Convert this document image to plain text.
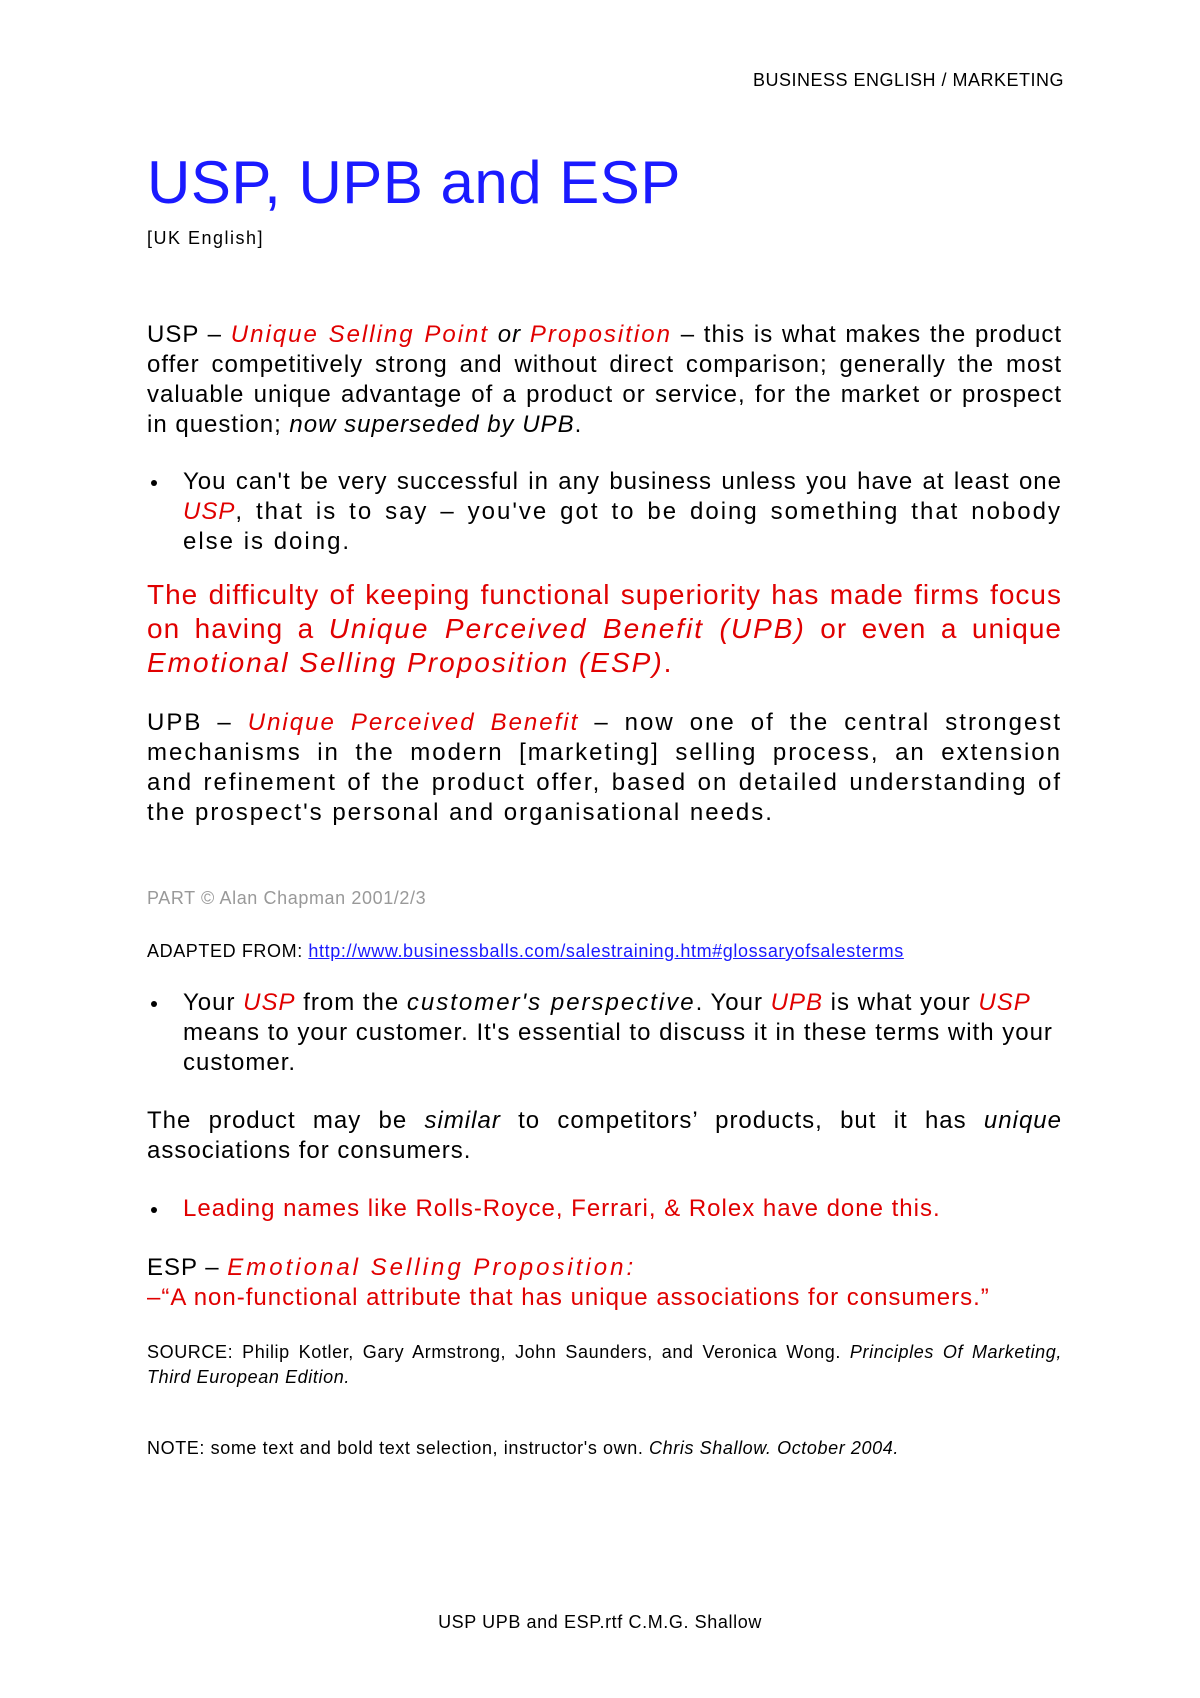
BUSINESS ENGLISH / MARKETING
USP, UPB and ESP
[UK English]
USP – Unique Selling Point or Proposition – this is what makes the product offer competitively strong and without direct comparison; generally the most valuable unique advantage of a product or service, for the market or prospect in question; now superseded by UPB.
You can't be very successful in any business unless you have at least one USP, that is to say – you've got to be doing something that nobody else is doing.
The difficulty of keeping functional superiority has made firms focus on having a Unique Perceived Benefit (UPB) or even a unique Emotional Selling Proposition (ESP).
UPB – Unique Perceived Benefit – now one of the central strongest mechanisms in the modern [marketing] selling process, an extension and refinement of the product offer, based on detailed understanding of the prospect's personal and organisational needs.
PART © Alan Chapman 2001/2/3
ADAPTED FROM: http://www.businessballs.com/salestraining.htm#glossaryofsalesterms
Your USP from the customer's perspective. Your UPB is what your USP means to your customer. It's essential to discuss it in these terms with your customer.
The product may be similar to competitors’ products, but it has unique associations for consumers.
Leading names like Rolls-Royce, Ferrari, & Rolex have done this.
ESP – Emotional Selling Proposition:
–“A non-functional attribute that has unique associations for consumers.”
SOURCE: Philip Kotler, Gary Armstrong, John Saunders, and Veronica Wong. Principles Of Marketing, Third European Edition.
NOTE: some text and bold text selection, instructor's own. Chris Shallow. October 2004.
USP UPB and ESP.rtf C.M.G. Shallow
